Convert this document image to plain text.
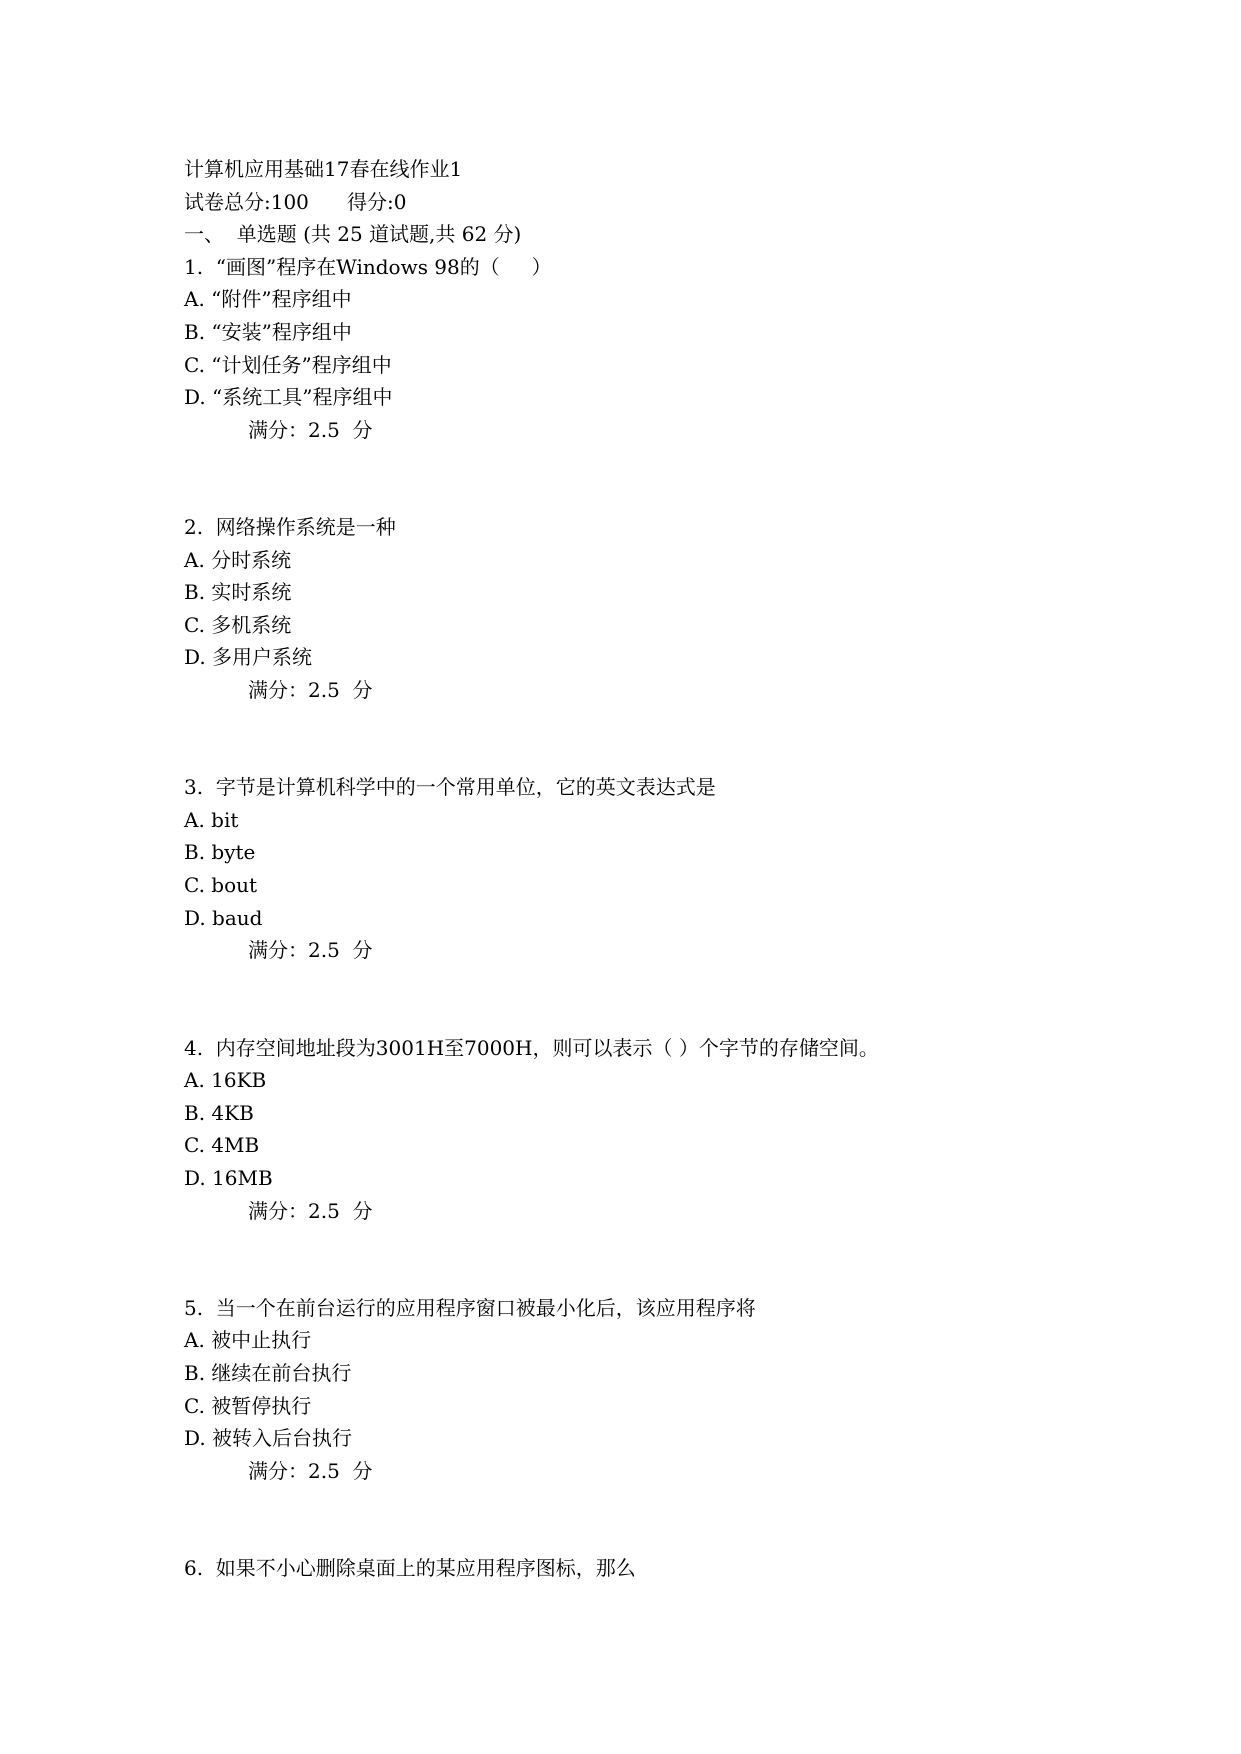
计算机应用基础17春在线作业1
试卷总分:100      得分:0
一、  单选题 (共 25 道试题,共 62 分)
1.  “画图”程序在Windows 98的（     ）
A. “附件”程序组中
B. “安装”程序组中
C. “计划任务”程序组中
D. “系统工具”程序组中
满分：2.5  分
2.  网络操作系统是一种
A. 分时系统
B. 实时系统
C. 多机系统
D. 多用户系统
满分：2.5  分
3.  字节是计算机科学中的一个常用单位，它的英文表达式是
A. bit
B. byte
C. bout
D. baud
满分：2.5  分
4.  内存空间地址段为3001H至7000H，则可以表示（ ）个字节的存储空间。
A. 16KB
B. 4KB
C. 4MB
D. 16MB
满分：2.5  分
5.  当一个在前台运行的应用程序窗口被最小化后，该应用程序将
A. 被中止执行
B. 继续在前台执行
C. 被暂停执行
D. 被转入后台执行
满分：2.5  分
6.  如果不小心删除桌面上的某应用程序图标，那么
